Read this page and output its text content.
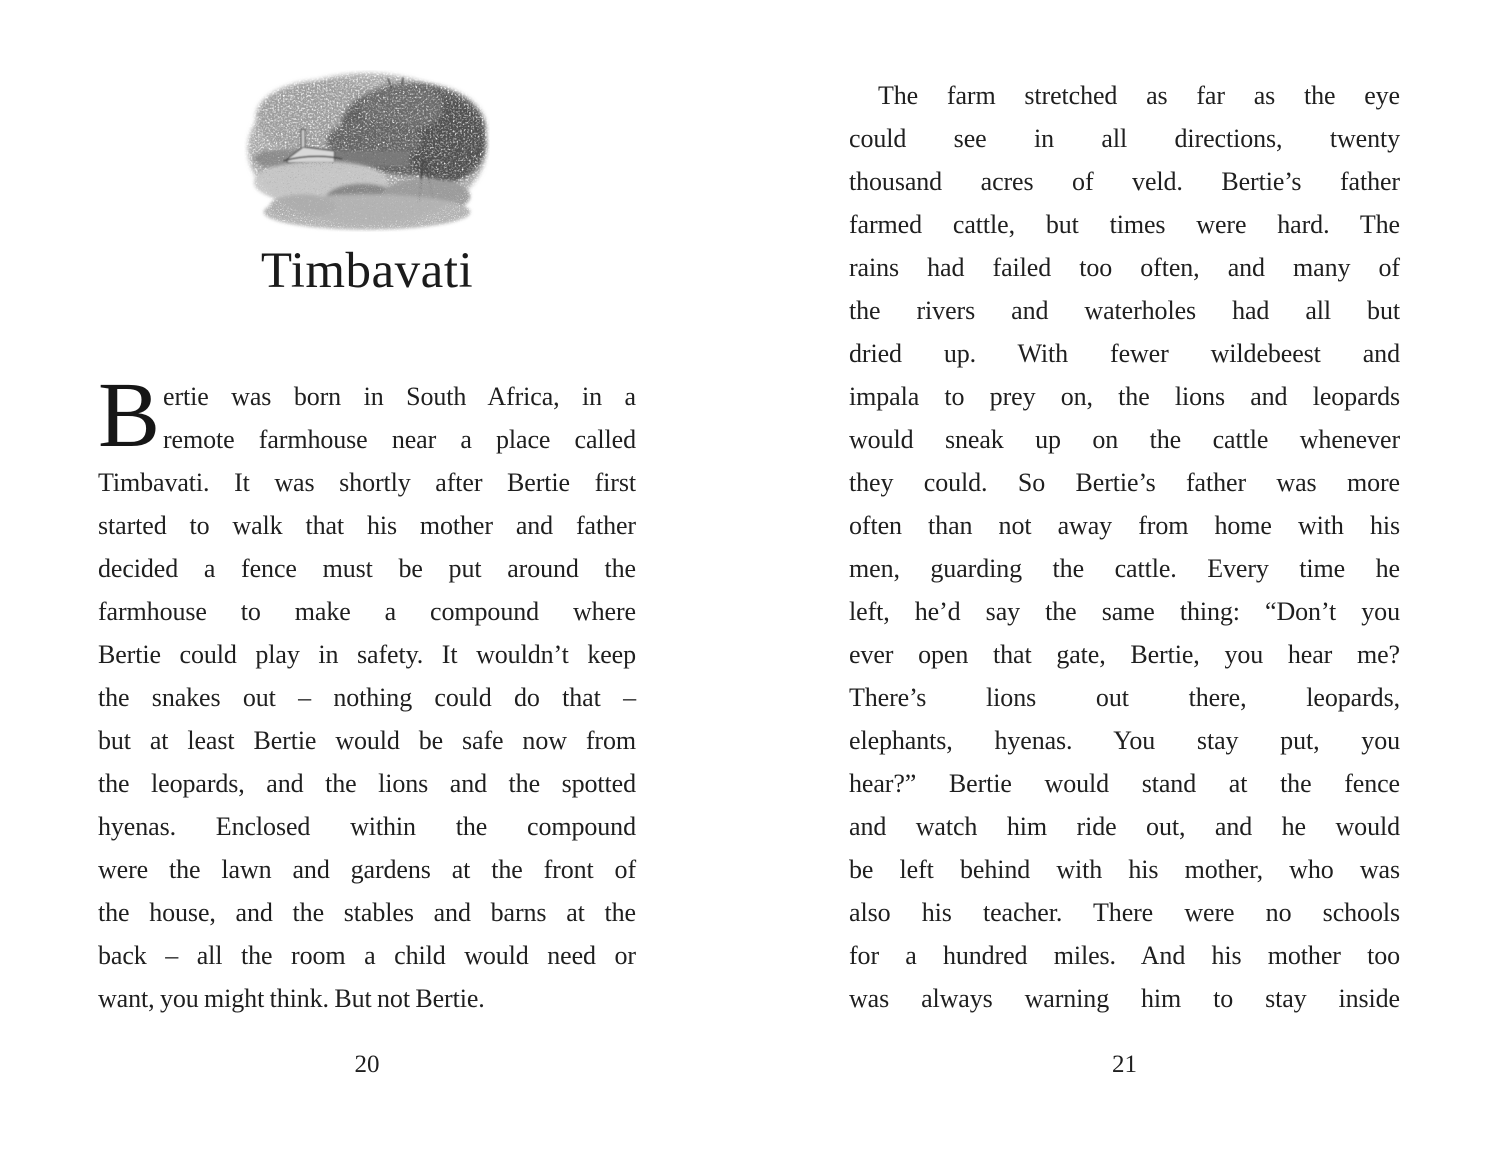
Timbavati
B ertie was born in South Africa, in a
remote farmhouse near a place called
Timbavati. It was shortly after Bertie first
started to walk that his mother and father
decided a fence must be put around the
farmhouse to make a compound where
Bertie could play in safety. It wouldn’t keep
the snakes out – nothing could do that –
but at least Bertie would be safe now from
the leopards, and the lions and the spotted
hyenas. Enclosed within the compound
were the lawn and gardens at the front of
the house, and the stables and barns at the
back – all the room a child would need or
want, you might think. But not Bertie.
20
The farm stretched as far as the eye
could see in all directions, twenty
thousand acres of veld. Bertie’s father
farmed cattle, but times were hard. The
rains had failed too often, and many of
the rivers and waterholes had all but
dried up. With fewer wildebeest and
impala to prey on, the lions and leopards
would sneak up on the cattle whenever
they could. So Bertie’s father was more
often than not away from home with his
men, guarding the cattle. Every time he
left, he’d say the same thing: “Don’t you
ever open that gate, Bertie, you hear me?
There’s lions out there, leopards,
elephants, hyenas. You stay put, you
hear?” Bertie would stand at the fence
and watch him ride out, and he would
be left behind with his mother, who was
also his teacher. There were no schools
for a hundred miles. And his mother too
was always warning him to stay inside
21
